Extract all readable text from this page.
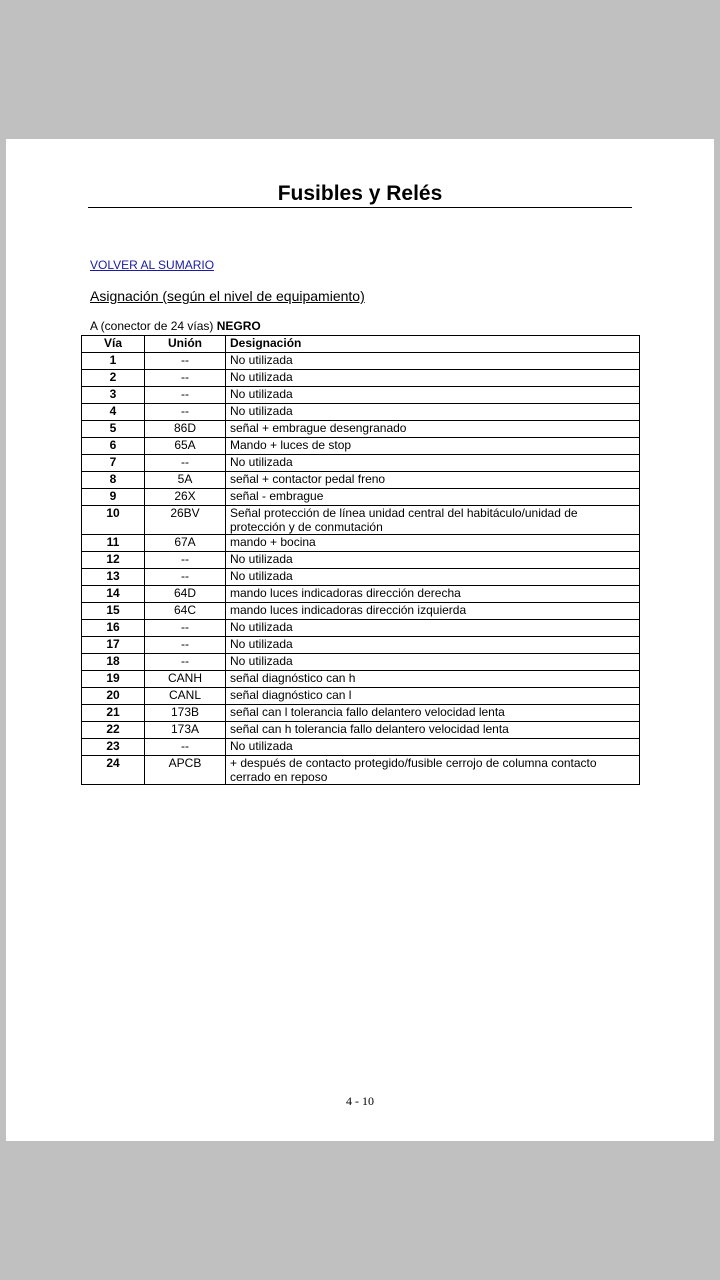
Fusibles y Relés
VOLVER AL SUMARIO
Asignación (según el nivel de equipamiento)
A (conector de 24 vías) NEGRO
Vía	Unión	Designación
1	--	No utilizada
2	--	No utilizada
3	--	No utilizada
4	--	No utilizada
5	86D	señal + embrague desengranado
6	65A	Mando + luces de stop
7	--	No utilizada
8	5A	señal + contactor pedal freno
9	26X	señal - embrague
10	26BV	Señal protección de línea unidad central del habitáculo/unidad de protección y de conmutación
11	67A	mando + bocina
12	--	No utilizada
13	--	No utilizada
14	64D	mando luces indicadoras dirección derecha
15	64C	mando luces indicadoras dirección izquierda
16	--	No utilizada
17	--	No utilizada
18	--	No utilizada
19	CANH	señal diagnóstico can h
20	CANL	señal diagnóstico can l
21	173B	señal can l tolerancia fallo delantero velocidad lenta
22	173A	señal can h tolerancia fallo delantero velocidad lenta
23	--	No utilizada
24	APCB	+ después de contacto protegido/fusible cerrojo de columna contacto cerrado en reposo
4 - 10
